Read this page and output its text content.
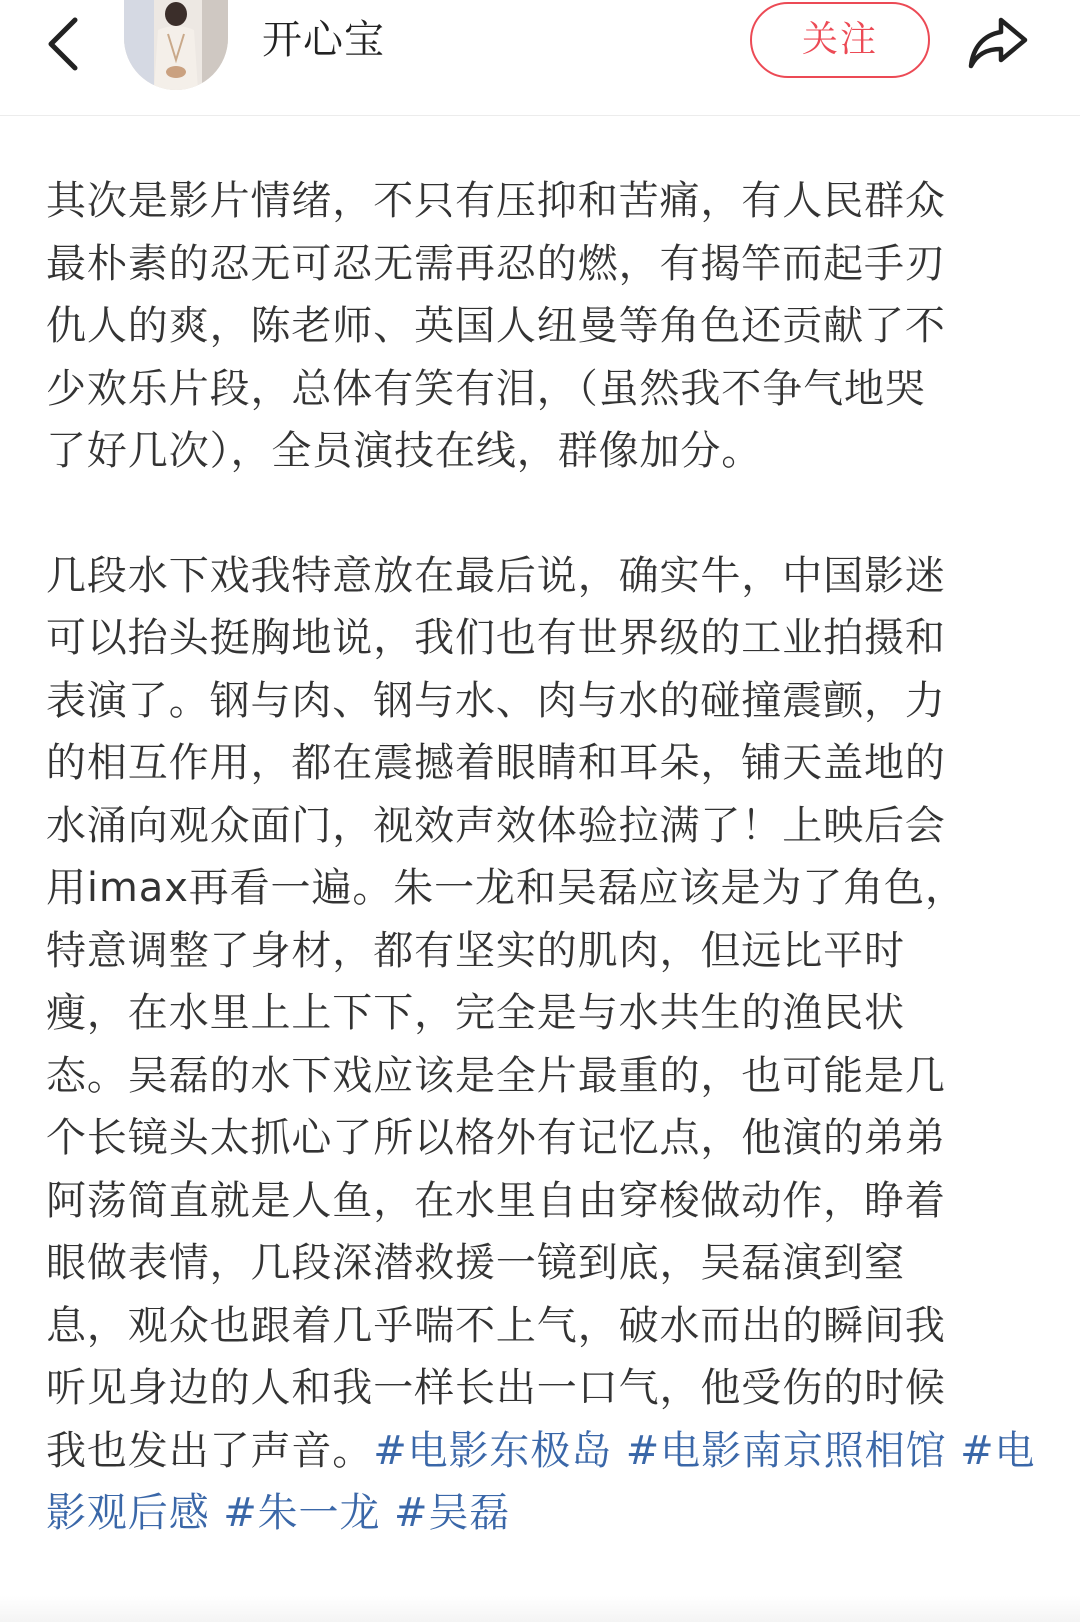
开心宝	关注

其次是影片情绪，不只有压抑和苦痛，有人民群众
最朴素的忍无可忍无需再忍的燃，有揭竿而起手刃
仇人的爽，陈老师、英国人纽曼等角色还贡献了不
少欢乐片段，总体有笑有泪，（虽然我不争气地哭
了好几次），全员演技在线，群像加分。

几段水下戏我特意放在最后说，确实牛，中国影迷
可以抬头挺胸地说，我们也有世界级的工业拍摄和
表演了。钢与肉、钢与水、肉与水的碰撞震颤，力
的相互作用，都在震撼着眼睛和耳朵，铺天盖地的
水涌向观众面门，视效声效体验拉满了！上映后会
用imax再看一遍。朱一龙和吴磊应该是为了角色，
特意调整了身材，都有坚实的肌肉，但远比平时
瘦，在水里上上下下，完全是与水共生的渔民状
态。吴磊的水下戏应该是全片最重的，也可能是几
个长镜头太抓心了所以格外有记忆点，他演的弟弟
阿荡简直就是人鱼，在水里自由穿梭做动作，睁着
眼做表情，几段深潜救援一镜到底，吴磊演到窒
息，观众也跟着几乎喘不上气，破水而出的瞬间我
听见身边的人和我一样长出一口气，他受伤的时候
我也发出了声音。#电影东极岛 #电影南京照相馆 #电影观后感 #朱一龙 #吴磊
